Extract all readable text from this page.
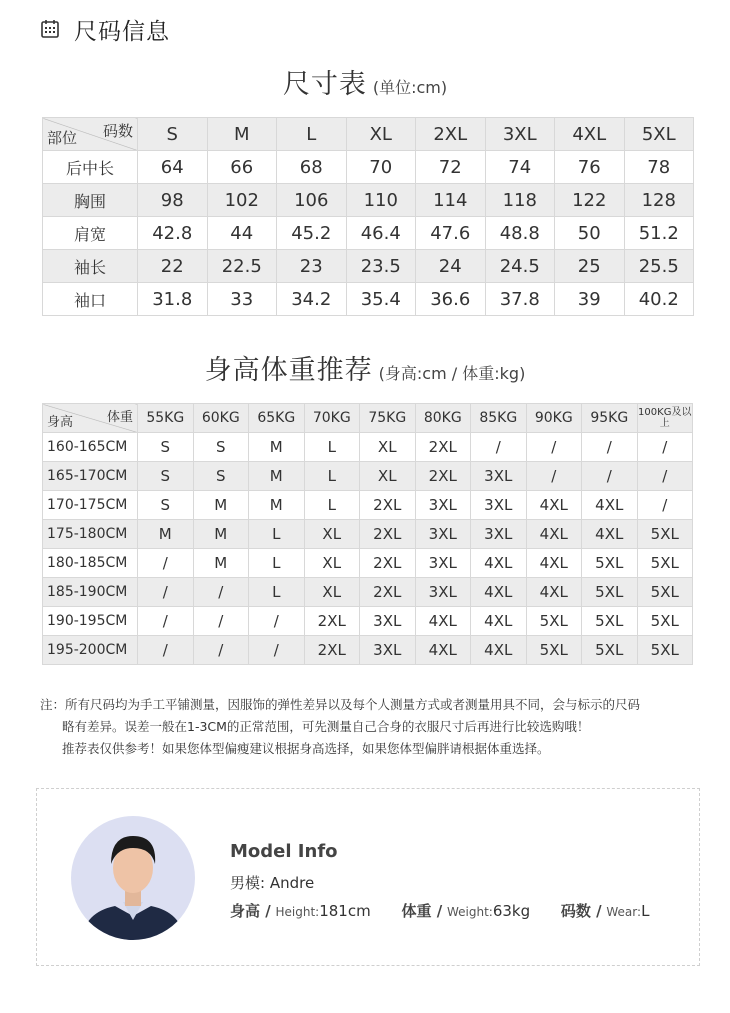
尺码信息
尺寸表 (单位:cm)
码数
部位	S	M	L	XL	2XL	3XL	4XL	5XL
后中长	64	66	68	70	72	74	76	78
胸围	98	102	106	110	114	118	122	128
肩宽	42.8	44	45.2	46.4	47.6	48.8	50	51.2
袖长	22	22.5	23	23.5	24	24.5	25	25.5
袖口	31.8	33	34.2	35.4	36.6	37.8	39	40.2
身高体重推荐 (身高:cm / 体重:kg)
体重
身高	55KG	60KG	65KG	70KG	75KG	80KG	85KG	90KG	95KG	100KG及以上
160-165CM	S	S	M	L	XL	2XL	/	/	/	/
165-170CM	S	S	M	L	XL	2XL	3XL	/	/	/
170-175CM	S	M	M	L	2XL	3XL	3XL	4XL	4XL	/
175-180CM	M	M	L	XL	2XL	3XL	3XL	4XL	4XL	5XL
180-185CM	/	M	L	XL	2XL	3XL	4XL	4XL	5XL	5XL
185-190CM	/	/	L	XL	2XL	3XL	4XL	4XL	5XL	5XL
190-195CM	/	/	/	2XL	3XL	4XL	4XL	5XL	5XL	5XL
195-200CM	/	/	/	2XL	3XL	4XL	4XL	5XL	5XL	5XL

注：所有尺码均为手工平铺测量，因服饰的弹性差异以及每个人测量方式或者测量用具不同，会与标示的尺码

略有差异。误差一般在1-3CM的正常范围，可先测量自己合身的衣服尺寸后再进行比较选购哦！

推荐表仅供参考！如果您体型偏瘦建议根据身高选择，如果您体型偏胖请根据体重选择。

Model Info
男模: Andre
身高 / Height:181cm 体重 / Weight:63kg 码数 / Wear:L
